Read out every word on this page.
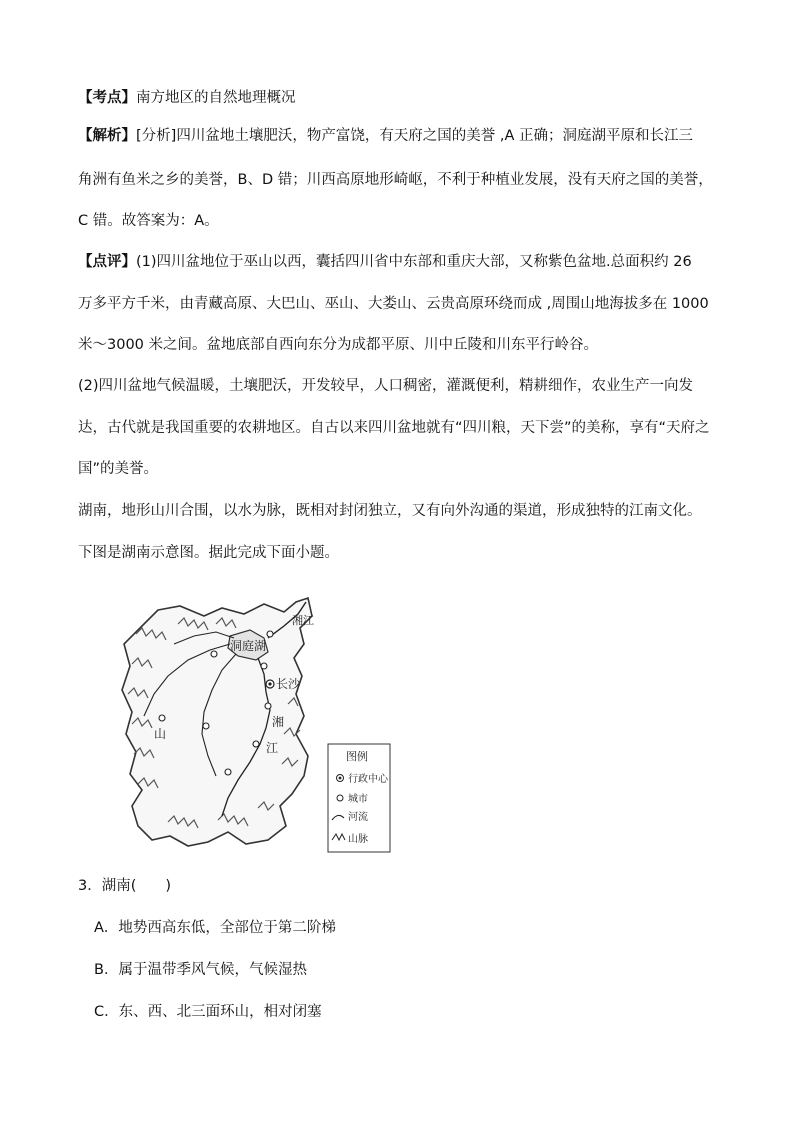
【考点】南方地区的自然地理概况
【解析】[分析]四川盆地土壤肥沃，物产富饶，有天府之国的美誉 ,A 正确；洞庭湖平原和长江三
角洲有鱼米之乡的美誉，B、D 错；川西高原地形崎岖，不利于种植业发展，没有天府之国的美誉，
C 错。故答案为：A。
【点评】(1)四川盆地位于巫山以西，囊括四川省中东部和重庆大部，又称紫色盆地.总面积约 26
万多平方千米，由青藏高原、大巴山、巫山、大娄山、云贵高原环绕而成 ,周围山地海拔多在 1000
米～3000 米之间。盆地底部自西向东分为成都平原、川中丘陵和川东平行岭谷。
(2)四川盆地气候温暖，土壤肥沃，开发较早，人口稠密，灌溉便利，精耕细作，农业生产一向发
达，古代就是我国重要的农耕地区。自古以来四川盆地就有“四川粮，天下尝”的美称，享有“天府之
国”的美誉。
湖南，地形山川合围，以水为脉，既相对封闭独立，又有向外沟通的渠道，形成独特的江南文化。
下图是湖南示意图。据此完成下面小题。
洞庭湖
长沙
湘
江
山
湘江
图例
行政中心
城市
河流
山脉
3．湖南(　　)
A．地势西高东低，全部位于第二阶梯
B．属于温带季风气候，气候湿热
C．东、西、北三面环山，相对闭塞
